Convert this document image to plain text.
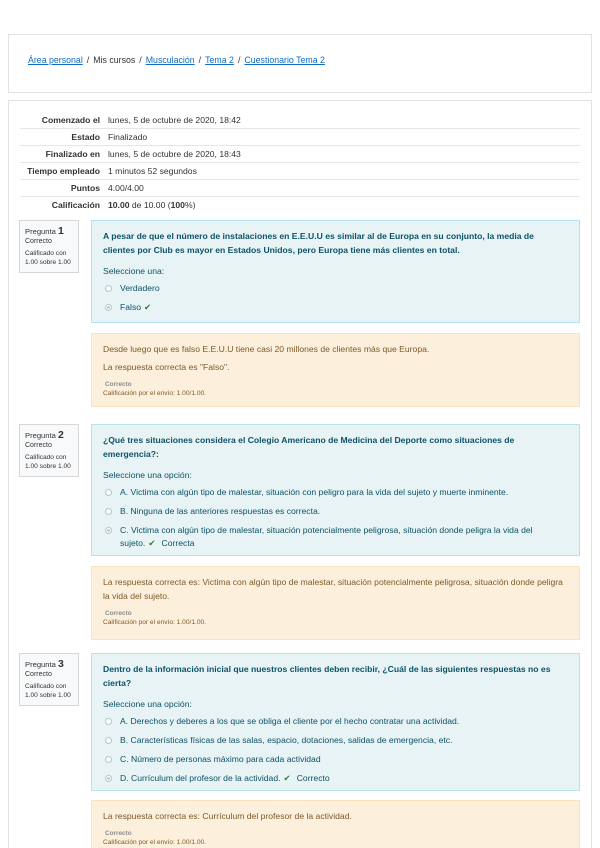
Área personal / Mis cursos / Musculación / Tema 2 / Cuestionario Tema 2
Comenzado el	lunes, 5 de octubre de 2020, 18:42
Estado	Finalizado
Finalizado en	lunes, 5 de octubre de 2020, 18:43
Tiempo empleado	1 minutos 52 segundos
Puntos	4.00/4.00
Calificación	10.00 de 10.00 (100%)
Pregunta 1
Correcto
Calificado con 1.00 sobre 1.00
A pesar de que el número de instalaciones en E.E.U.U es similar al de Europa en su conjunto, la media de clientes por Club es mayor en Estados Unidos, pero Europa tiene más clientes en total.
Seleccione una:
Verdadero
Falso ✔
Desde luego que es falso E.E.U.U tiene casi 20 millones de clientes más que Europa.
La respuesta correcta es "Falso".
Correcto
Calificación por el envío: 1.00/1.00.
Pregunta 2
Correcto
Calificado con 1.00 sobre 1.00
¿Qué tres situaciones considera el Colegio Americano de Medicina del Deporte como situaciones de emergencia?:
Seleccione una opción:
A. Victima con algún tipo de malestar, situación con peligro para la vida del sujeto y muerte inminente.
B. Ninguna de las anteriores respuestas es correcta.
C. Victima con algún tipo de malestar, situación potencialmente peligrosa, situación donde peligra la vida del sujeto. ✔ Correcta
La respuesta correcta es: Victima con algún tipo de malestar, situación potencialmente peligrosa, situación donde peligra la vida del sujeto.
Correcto
Calificación por el envío: 1.00/1.00.
Pregunta 3
Correcto
Calificado con 1.00 sobre 1.00
Dentro de la información inicial que nuestros clientes deben recibir, ¿Cuál de las siguientes respuestas no es cierta?
Seleccione una opción:
A. Derechos y deberes a los que se obliga el cliente por el hecho contratar una actividad.
B. Características físicas de las salas, espacio, dotaciones, salidas de emergencia, etc.
C. Número de personas máximo para cada actividad
D. Currículum del profesor de la actividad. ✔ Correcto
La respuesta correcta es: Currículum del profesor de la actividad.
Correcto
Calificación por el envío: 1.00/1.00.
